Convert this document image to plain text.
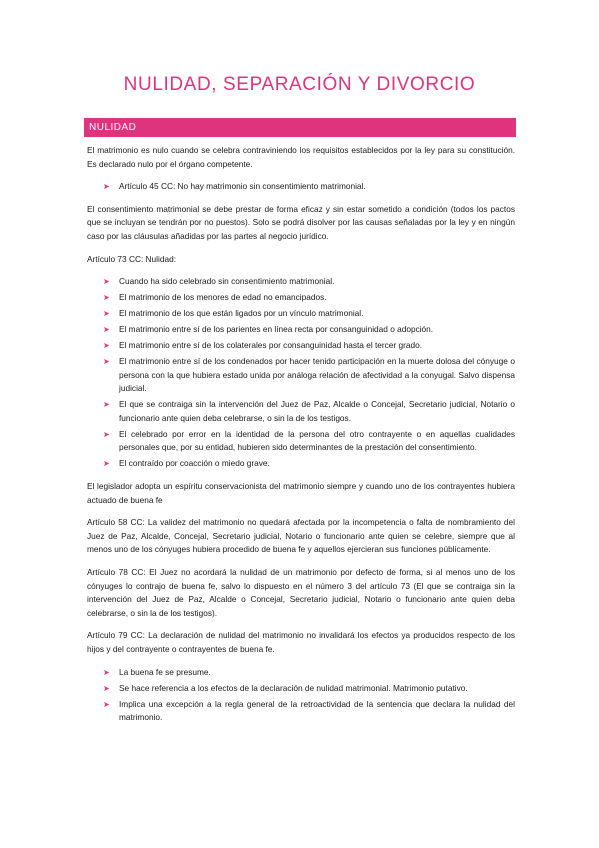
NULIDAD, SEPARACIÓN Y DIVORCIO
NULIDAD

El matrimonio es nulo cuando se celebra contraviniendo los requisitos establecidos por la ley para su constitución. Es declarado nulo por el órgano competente.

➤ Artículo 45 CC: No hay matrimonio sin consentimiento matrimonial.

El consentimiento matrimonial se debe prestar de forma eficaz y sin estar sometido a condición (todos los pactos que se incluyan se tendrán por no puestos). Solo se podrá disolver por las causas señaladas por la ley y en ningún caso por las cláusulas añadidas por las partes al negocio jurídico.

Artículo 73 CC: Nulidad:

➤ Cuando ha sido celebrado sin consentimiento matrimonial.
➤ El matrimonio de los menores de edad no emancipados.
➤ El matrimonio de los que están ligados por un vínculo matrimonial.
➤ El matrimonio entre sí de los parientes en línea recta por consanguinidad o adopción.
➤ El matrimonio entre sí de los colaterales por consanguinidad hasta el tercer grado.
➤ El matrimonio entre sí de los condenados por hacer tenido participación en la muerte dolosa del cónyuge o persona con la que hubiera estado unida por análoga relación de afectividad a la conyugal. Salvo dispensa judicial.
➤ El que se contraiga sin la intervención del Juez de Paz, Alcalde o Concejal, Secretario judicial, Notario o funcionario ante quien deba celebrarse, o sin la de los testigos.
➤ El celebrado por error en la identidad de la persona del otro contrayente o en aquellas cualidades personales que, por su entidad, hubieren sido determinantes de la prestación del consentimiento.
➤ El contraído por coacción o miedo grave.

El legislador adopta un espíritu conservacionista del matrimonio siempre y cuando uno de los contrayentes hubiera actuado de buena fe

Artículo 58 CC: La validez del matrimonio no quedará afectada por la incompetencia o falta de nombramiento del Juez de Paz, Alcalde, Concejal, Secretario judicial, Notario o funcionario ante quien se celebre, siempre que al menos uno de los cónyuges hubiera procedido de buena fe y aquellos ejercieran sus funciones públicamente.

Artículo 78 CC: El Juez no acordará la nulidad de un matrimonio por defecto de forma, si al menos uno de los cónyuges lo contrajo de buena fe, salvo lo dispuesto en el número 3 del artículo 73 (El que se contraiga sin la intervención del Juez de Paz, Alcalde o Concejal, Secretario judicial, Notario o funcionario ante quien deba celebrarse, o sin la de los testigos).

Artículo 79 CC: La declaración de nulidad del matrimonio no invalidará los efectos ya producidos respecto de los hijos y del contrayente o contrayentes de buena fe.

➤ La buena fe se presume.
➤ Se hace referencia a los efectos de la declaración de nulidad matrimonial. Matrimonio putativo.
➤ Implica una excepción a la regla general de la retroactividad de la sentencia que declara la nulidad del matrimonio.
